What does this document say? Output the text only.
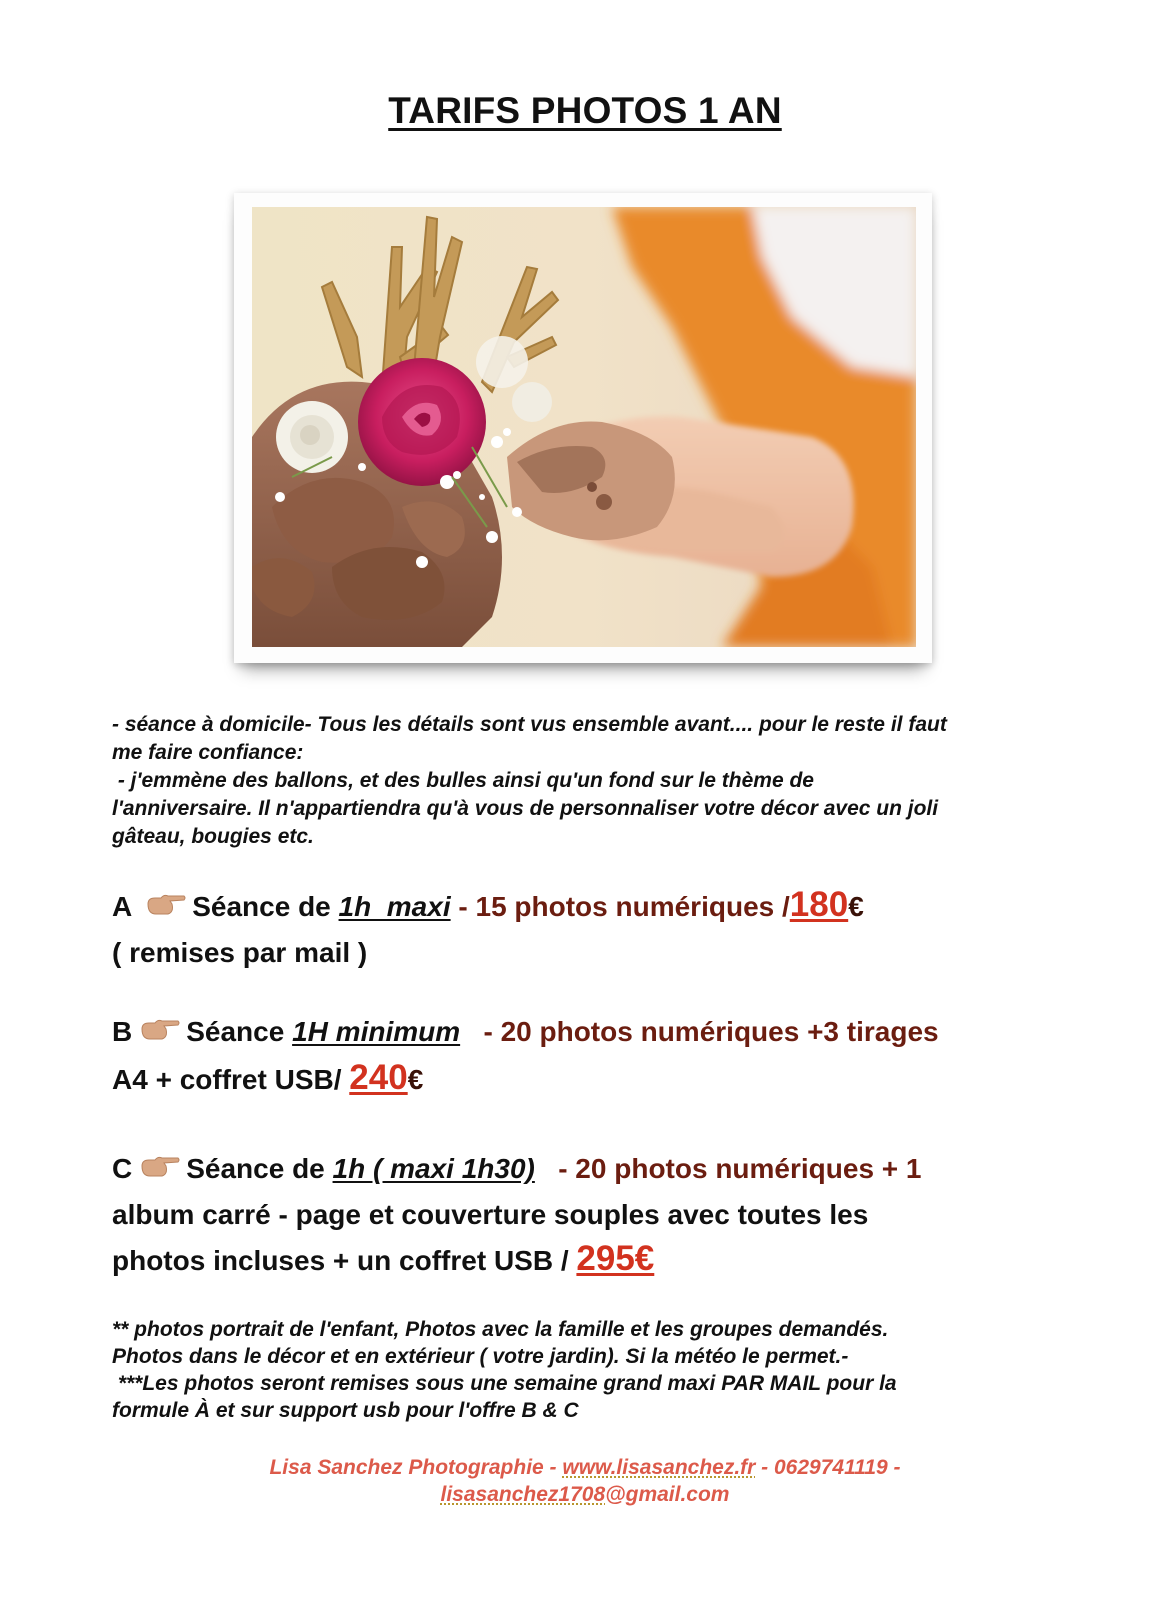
TARIFS PHOTOS 1 AN
- séance à domicile- Tous les détails sont vus ensemble avant.... pour le reste il faut
me faire confiance:
- j'emmène des ballons, et des bulles ainsi qu'un fond sur le thème de
l'anniversaire. Il n'appartiendra qu'à vous de personnaliser votre décor avec un joli
gâteau, bougies etc.
A Séance de 1h  maxi - 15 photos numériques /180€
( remises par mail )
B Séance 1H minimum - 20 photos numériques +3 tirages
A4 + coffret USB/ 240€
C Séance de 1h ( maxi 1h30) - 20 photos numériques + 1
album carré - page et couverture souples avec toutes les
photos incluses + un coffret USB / 295€
** photos portrait de l'enfant, Photos avec la famille et les groupes demandés.
Photos dans le décor et en extérieur ( votre jardin). Si la météo le permet.-
***Les photos seront remises sous une semaine grand maxi PAR MAIL pour la
formule À et sur support usb pour l'offre B & C
Lisa Sanchez Photographie - www.lisasanchez.fr - 0629741119 -
lisasanchez1708@gmail.com
